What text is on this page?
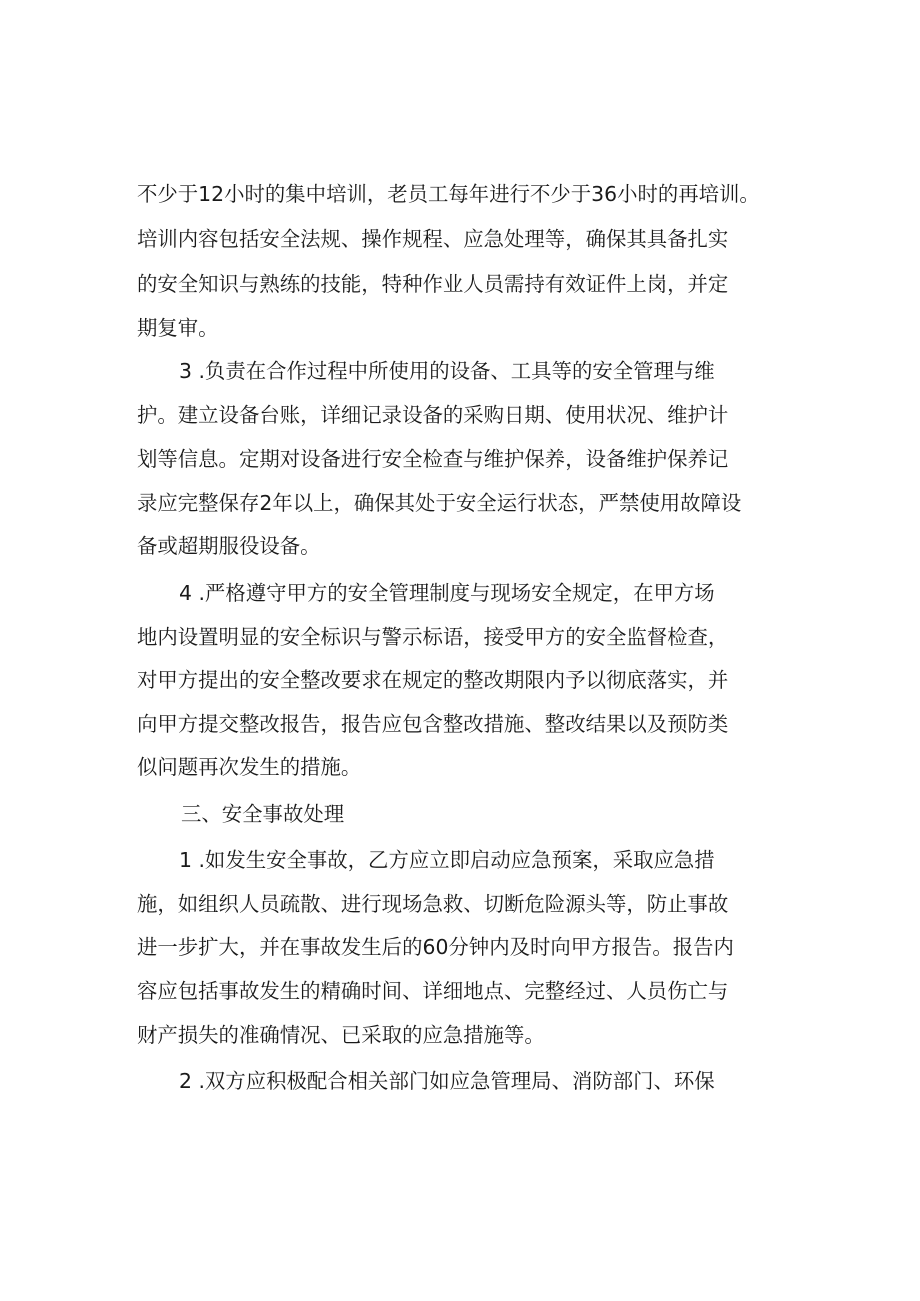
不少于12小时的集中培训，老员工每年进行不少于36小时的再培训。
培训内容包括安全法规、操作规程、应急处理等，确保其具备扎实
的安全知识与熟练的技能，特种作业人员需持有效证件上岗，并定
期复审。
3 .负责在合作过程中所使用的设备、工具等的安全管理与维
护。建立设备台账，详细记录设备的采购日期、使用状况、维护计
划等信息。定期对设备进行安全检查与维护保养，设备维护保养记
录应完整保存2年以上，确保其处于安全运行状态，严禁使用故障设
备或超期服役设备。
4 .严格遵守甲方的安全管理制度与现场安全规定，在甲方场
地内设置明显的安全标识与警示标语，接受甲方的安全监督检查，
对甲方提出的安全整改要求在规定的整改期限内予以彻底落实，并
向甲方提交整改报告，报告应包含整改措施、整改结果以及预防类
似问题再次发生的措施。
三、安全事故处理
1 .如发生安全事故，乙方应立即启动应急预案，采取应急措
施，如组织人员疏散、进行现场急救、切断危险源头等，防止事故
进一步扩大，并在事故发生后的60分钟内及时向甲方报告。报告内
容应包括事故发生的精确时间、详细地点、完整经过、人员伤亡与
财产损失的准确情况、已采取的应急措施等。
2 .双方应积极配合相关部门如应急管理局、消防部门、环保
